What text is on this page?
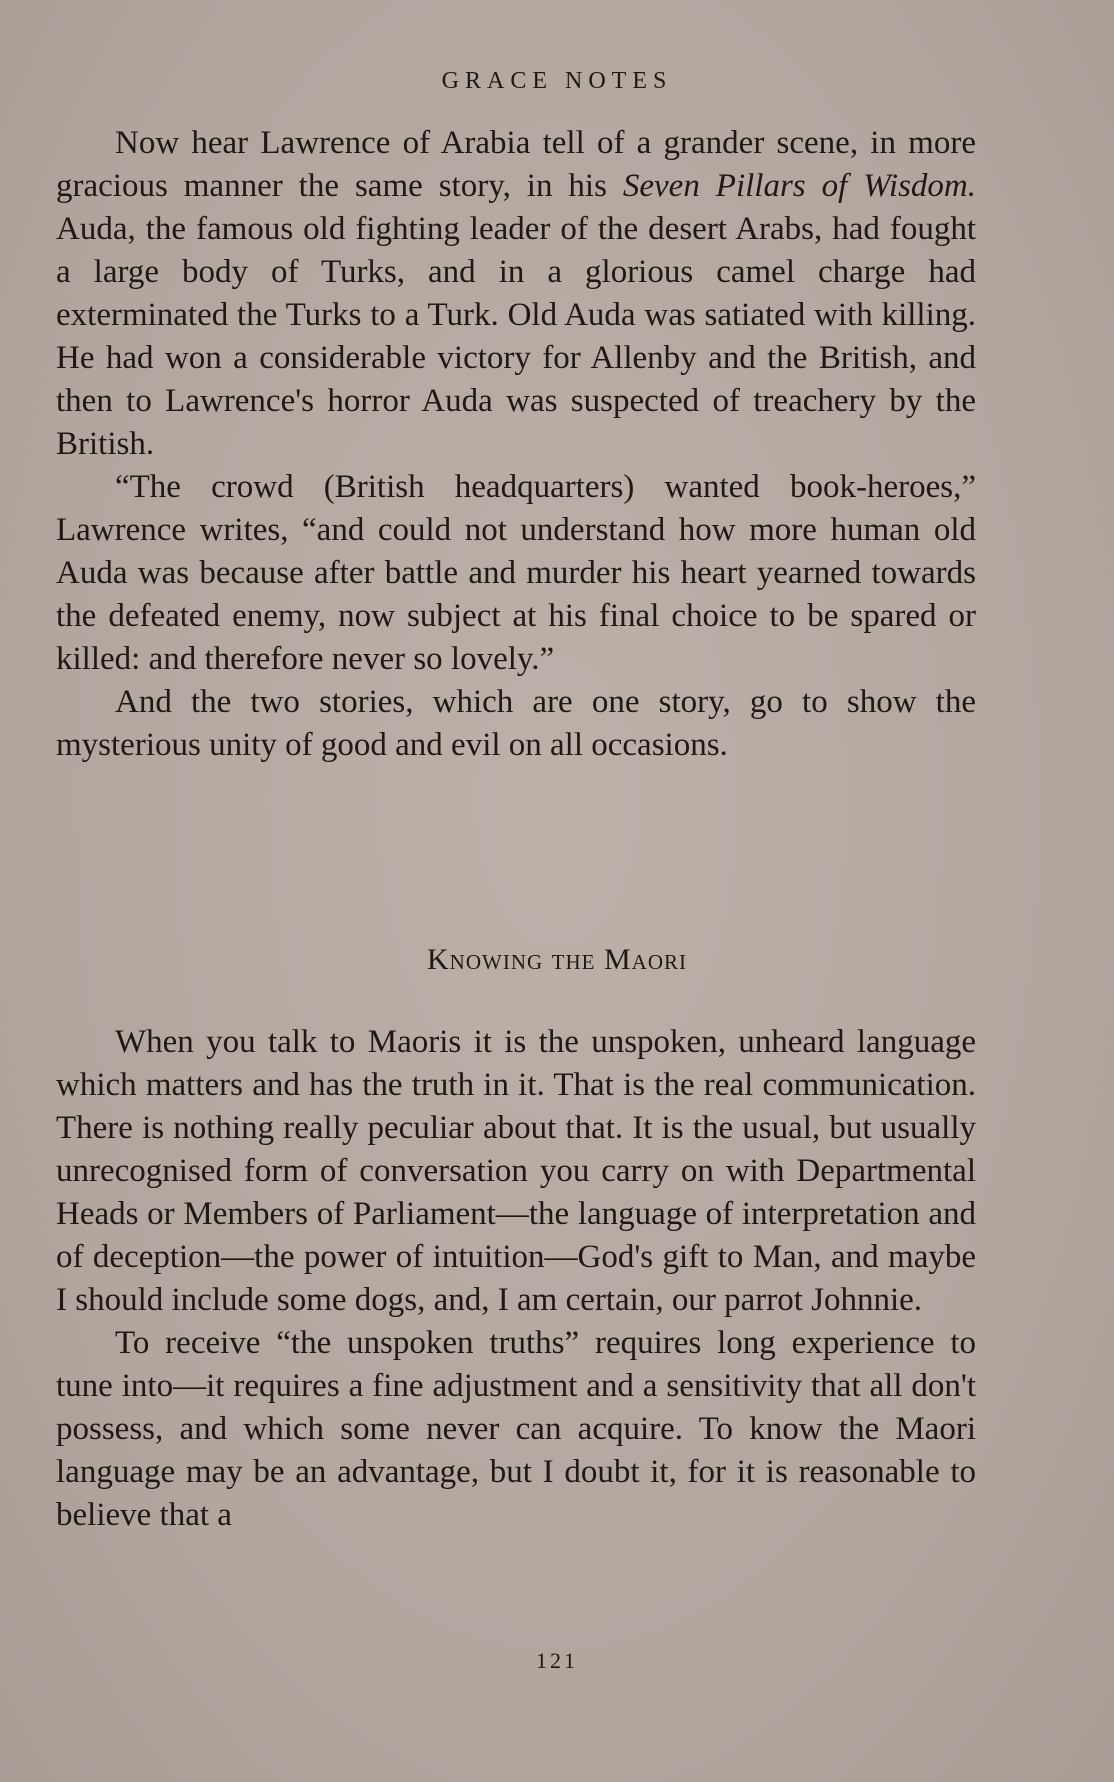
GRACE NOTES

Now hear Lawrence of Arabia tell of a grander scene, in more gracious manner the same story, in his Seven Pillars of Wisdom. Auda, the famous old fighting leader of the desert Arabs, had fought a large body of Turks, and in a glorious camel charge had exterminated the Turks to a Turk. Old Auda was satiated with killing. He had won a considerable victory for Allenby and the British, and then to Lawrence's horror Auda was suspected of treachery by the British.

“The crowd (British headquarters) wanted book-heroes,” Lawrence writes, “and could not understand how more human old Auda was because after battle and murder his heart yearned towards the defeated enemy, now subject at his final choice to be spared or killed: and therefore never so lovely.”

And the two stories, which are one story, go to show the mysterious unity of good and evil on all occasions.

Knowing the Maori

When you talk to Maoris it is the unspoken, unheard language which matters and has the truth in it. That is the real communication. There is nothing really peculiar about that. It is the usual, but usually unrecognised form of conversation you carry on with Departmental Heads or Members of Parliament—the language of interpretation and of deception—the power of intuition—God's gift to Man, and maybe I should include some dogs, and, I am certain, our parrot Johnnie.

To receive “the unspoken truths” requires long experience to tune into—it requires a fine adjustment and a sensitivity that all don't possess, and which some never can acquire. To know the Maori language may be an advantage, but I doubt it, for it is reasonable to believe that a

121
